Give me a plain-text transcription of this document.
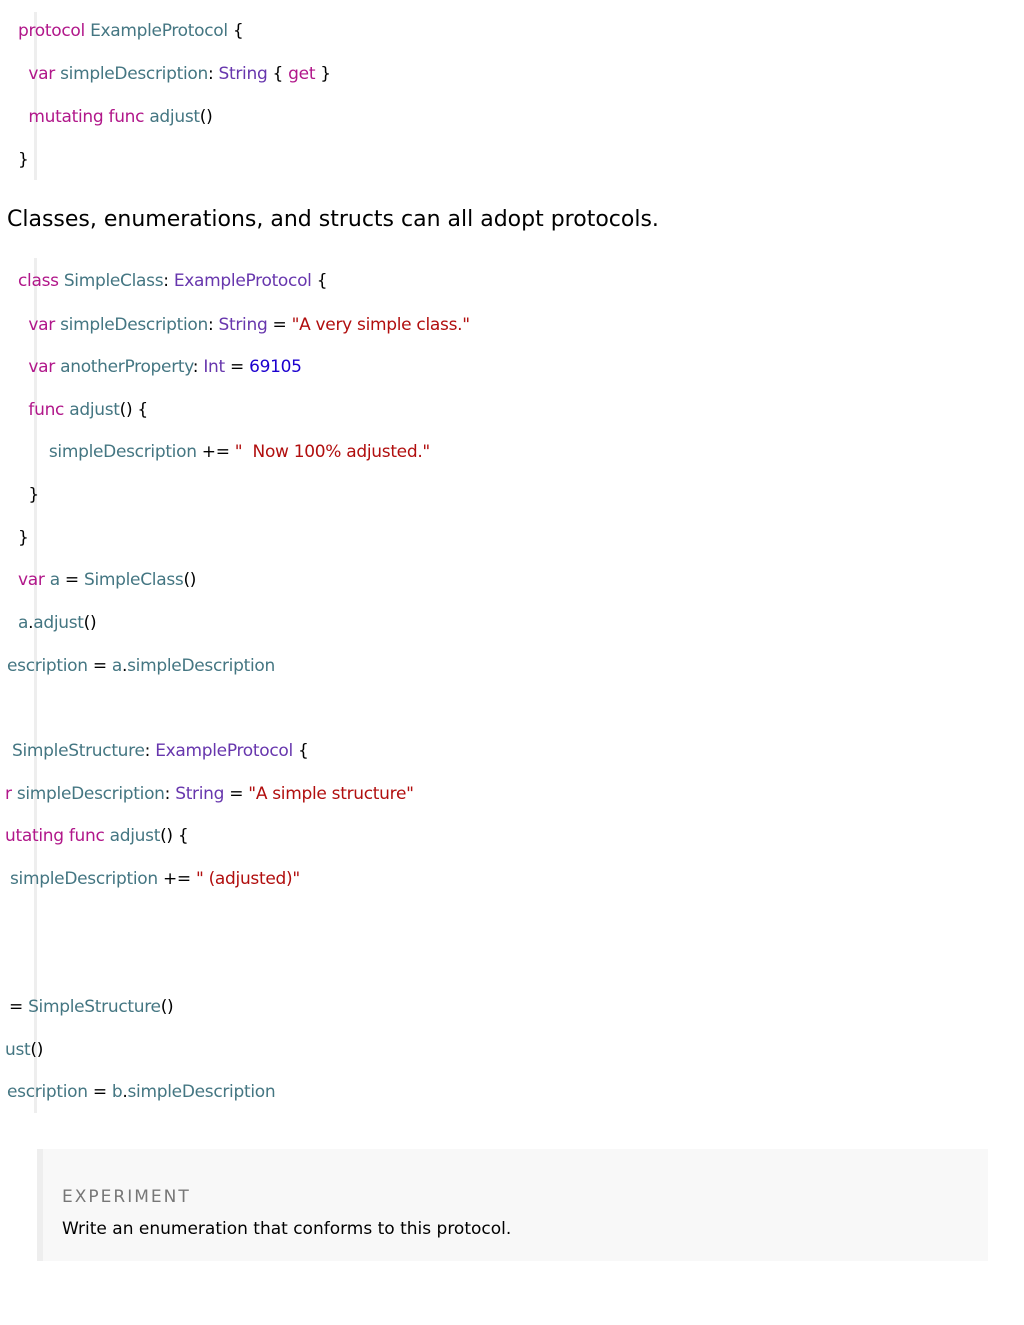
protocol ExampleProtocol {
var simpleDescription: String { get }
mutating func adjust()
}

Classes, enumerations, and structs can all adopt protocols.

class SimpleClass: ExampleProtocol {
var simpleDescription: String = "A very simple class."
var anotherProperty: Int = 69105
func adjust() {
simpleDescription += "  Now 100% adjusted."
}
}
var a = SimpleClass()
a.adjust()
escription = a.simpleDescription
SimpleStructure: ExampleProtocol {
r simpleDescription: String = "A simple structure"
utating func adjust() {
simpleDescription += " (adjusted)"
= SimpleStructure()
ust()
escription = b.simpleDescription
EXPERIMENT
Write an enumeration that conforms to this protocol.
